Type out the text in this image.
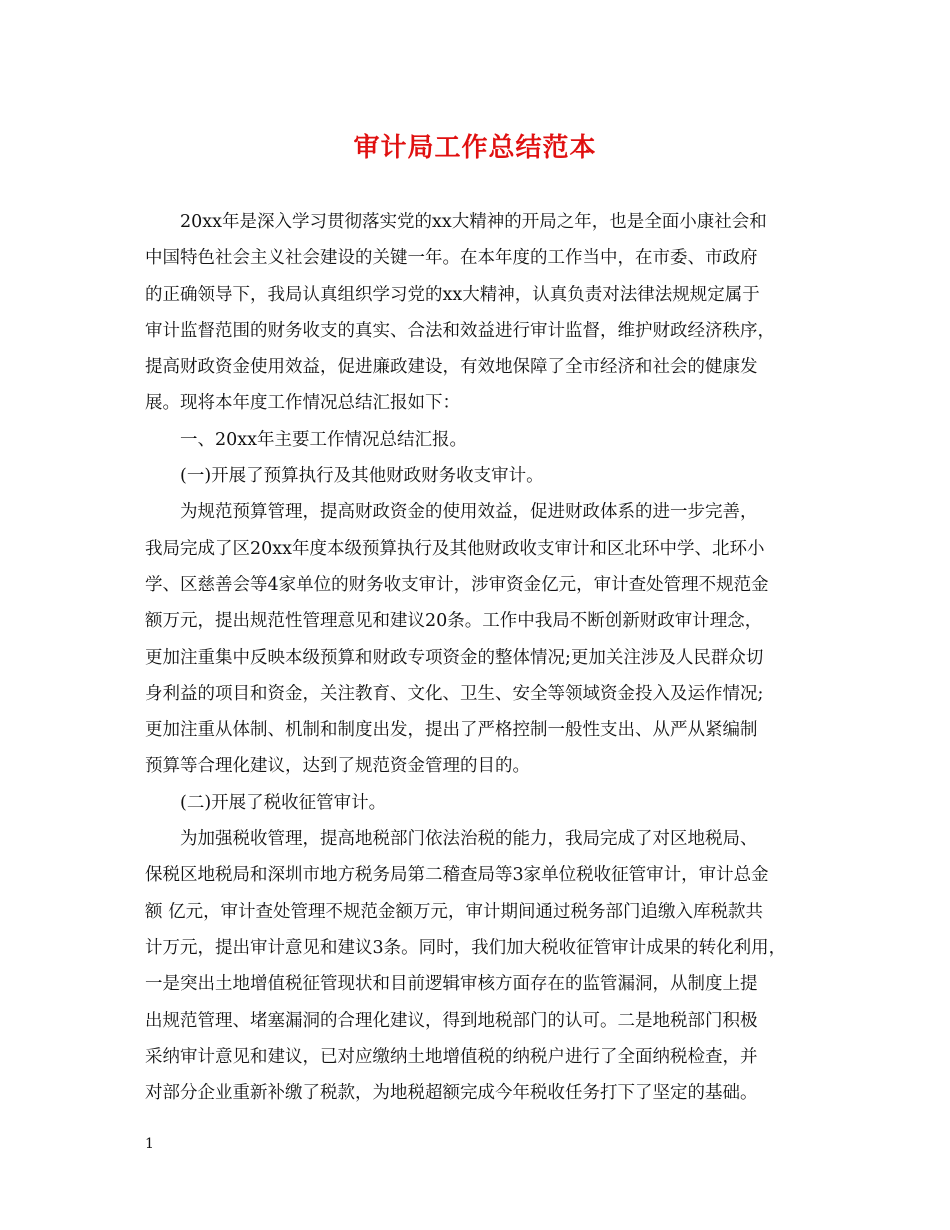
审计局工作总结范本
20xx年是深入学习贯彻落实党的xx大精神的开局之年，也是全面小康社会和
中国特色社会主义社会建设的关键一年。在本年度的工作当中，在市委、市政府
的正确领导下，我局认真组织学习党的xx大精神，认真负责对法律法规规定属于
审计监督范围的财务收支的真实、合法和效益进行审计监督，维护财政经济秩序，
提高财政资金使用效益，促进廉政建设，有效地保障了全市经济和社会的健康发
展。现将本年度工作情况总结汇报如下：
一、20xx年主要工作情况总结汇报。
(一)开展了预算执行及其他财政财务收支审计。
为规范预算管理，提高财政资金的使用效益，促进财政体系的进一步完善，
我局完成了区20xx年度本级预算执行及其他财政收支审计和区北环中学、北环小
学、区慈善会等4家单位的财务收支审计，涉审资金亿元，审计查处管理不规范金
额万元，提出规范性管理意见和建议20条。工作中我局不断创新财政审计理念，
更加注重集中反映本级预算和财政专项资金的整体情况;更加关注涉及人民群众切
身利益的项目和资金，关注教育、文化、卫生、安全等领域资金投入及运作情况;
更加注重从体制、机制和制度出发，提出了严格控制一般性支出、从严从紧编制
预算等合理化建议，达到了规范资金管理的目的。
(二)开展了税收征管审计。
为加强税收管理，提高地税部门依法治税的能力，我局完成了对区地税局、
保税区地税局和深圳市地方税务局第二稽查局等3家单位税收征管审计，审计总金
额 亿元，审计查处管理不规范金额万元，审计期间通过税务部门追缴入库税款共
计万元，提出审计意见和建议3条。同时，我们加大税收征管审计成果的转化利用，
一是突出土地增值税征管现状和目前逻辑审核方面存在的监管漏洞，从制度上提
出规范管理、堵塞漏洞的合理化建议，得到地税部门的认可。二是地税部门积极
采纳审计意见和建议，已对应缴纳土地增值税的纳税户进行了全面纳税检查，并
对部分企业重新补缴了税款，为地税超额完成今年税收任务打下了坚定的基础。
1
